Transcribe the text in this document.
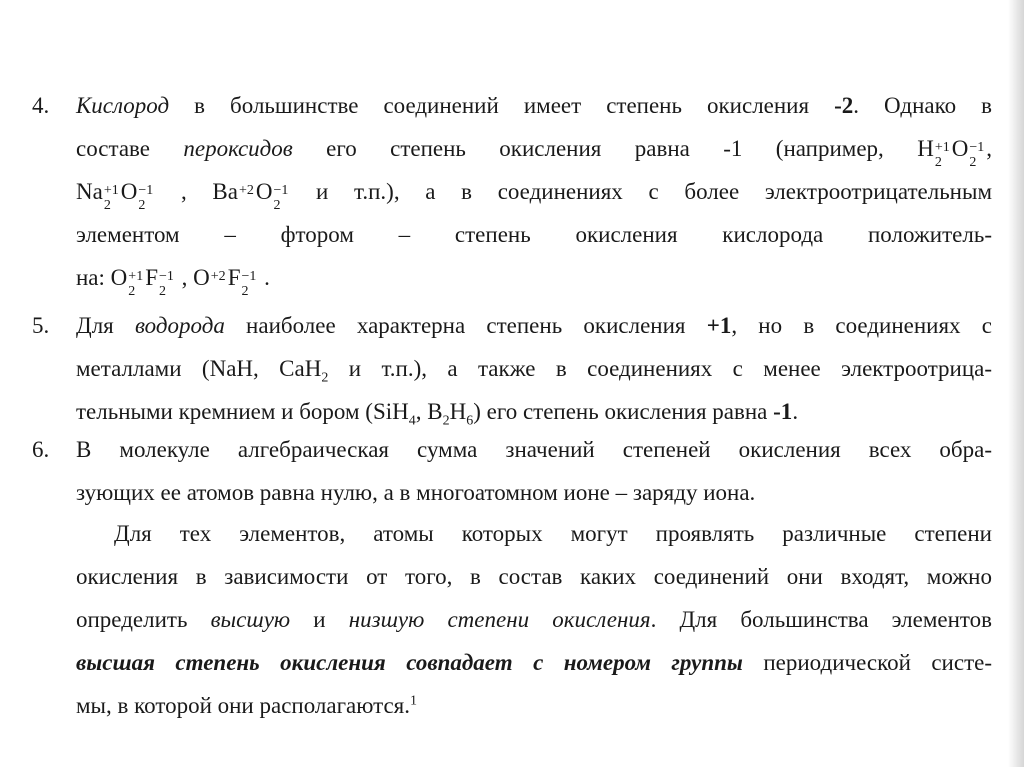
4.	Кислород в большинстве соединений имеет степень окисления -2. Однако в
составе пероксидов его степень окисления равна -1 (например, H +1
2
O −1
2
,
Na +1
2
O −1
2
, Ba +2
O −1
2
и т.п.), а в соединениях с более электроотрицательным
элементом – фтором – степень окисления кислорода положитель-
на: O +1
2
F −1
2
, O +2
F −1
2
.
5.	Для водорода наиболее характерна степень окисления +1, но в соединениях с
металлами (NaH, CaH$_2$ и т.п.), а также в соединениях с менее электроотрица-
тельными кремнием и бором (SiH$_4$, $B_2H_6$) его степень окисления равна -1.
6.	В молекуле алгебраическая сумма значений степеней окисления всех обра-
зующих ее атомов равна нулю, а в многоатомном ионе – заряду иона.
Для тех элементов, атомы которых могут проявлять различные степени
окисления в зависимости от того, в состав каких соединений они входят, можно
определить высшую и низшую степени окисления. Для большинства элементов
высшая степень окисления совпадает с номером группы периодической систе-
мы, в которой они располагаются.$^1$
